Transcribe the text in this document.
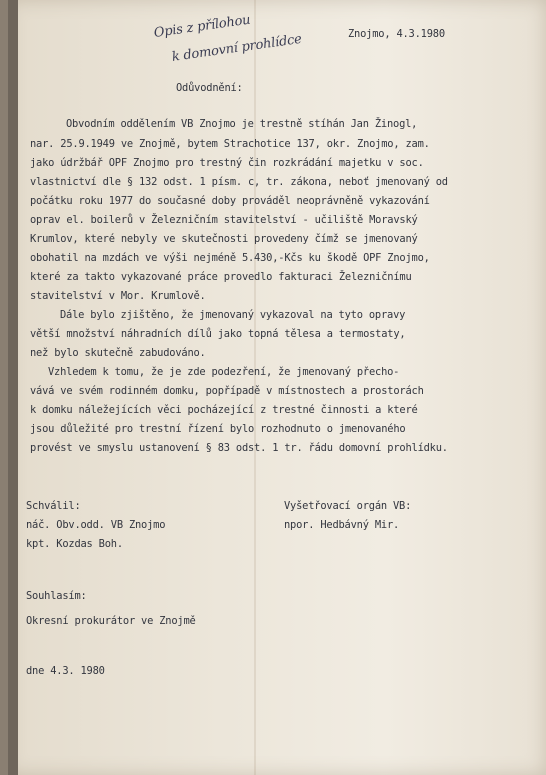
Opis z přílohou
k domovní prohlídce	Znojmo, 4.3.1980
Odůvodnění:
Obvodním oddělením VB Znojmo je trestně stíhán Jan Žinogl,
nar. 25.9.1949 ve Znojmě, bytem Strachotice 137, okr. Znojmo, zam.
jako údržbář OPF Znojmo pro trestný čin rozkrádání majetku v soc.
vlastnictví dle § 132 odst. 1 písm. c, tr. zákona, neboť jmenovaný od
počátku roku 1977 do současné doby prováděl neoprávněně vykazování
oprav el. boilerů v Železničním stavitelství - učiliště Moravský
Krumlov, které nebyly ve skutečnosti provedeny čímž se jmenovaný
obohatil na mzdách ve výši nejméně 5.430,-Kčs ku škodě OPF Znojmo,
které za takto vykazované práce provedlo fakturaci Železničnímu
stavitelství v Mor. Krumlově.
Dále bylo zjištěno, že jmenovaný vykazoval na tyto opravy
větší množství náhradních dílů jako topná tělesa a termostaty,
než bylo skutečně zabudováno.
Vzhledem k tomu, že je zde podezření, že jmenovaný přecho-
vává ve svém rodinném domku, popřípadě v místnostech a prostorách
k domku náležejících věci pocházející z trestné činnosti a které
jsou důležité pro trestní řízení bylo rozhodnuto o jmenovaného
provést ve smyslu ustanovení § 83 odst. 1 tr. řádu domovní prohlídku.
Schválil:
náč. Obv.odd. VB Znojmo
kpt. Kozdas Boh.
Vyšetřovací orgán VB:
npor. Hedbávný Mir.
Souhlasím:
Okresní prokurátor ve Znojmě
dne 4.3. 1980
